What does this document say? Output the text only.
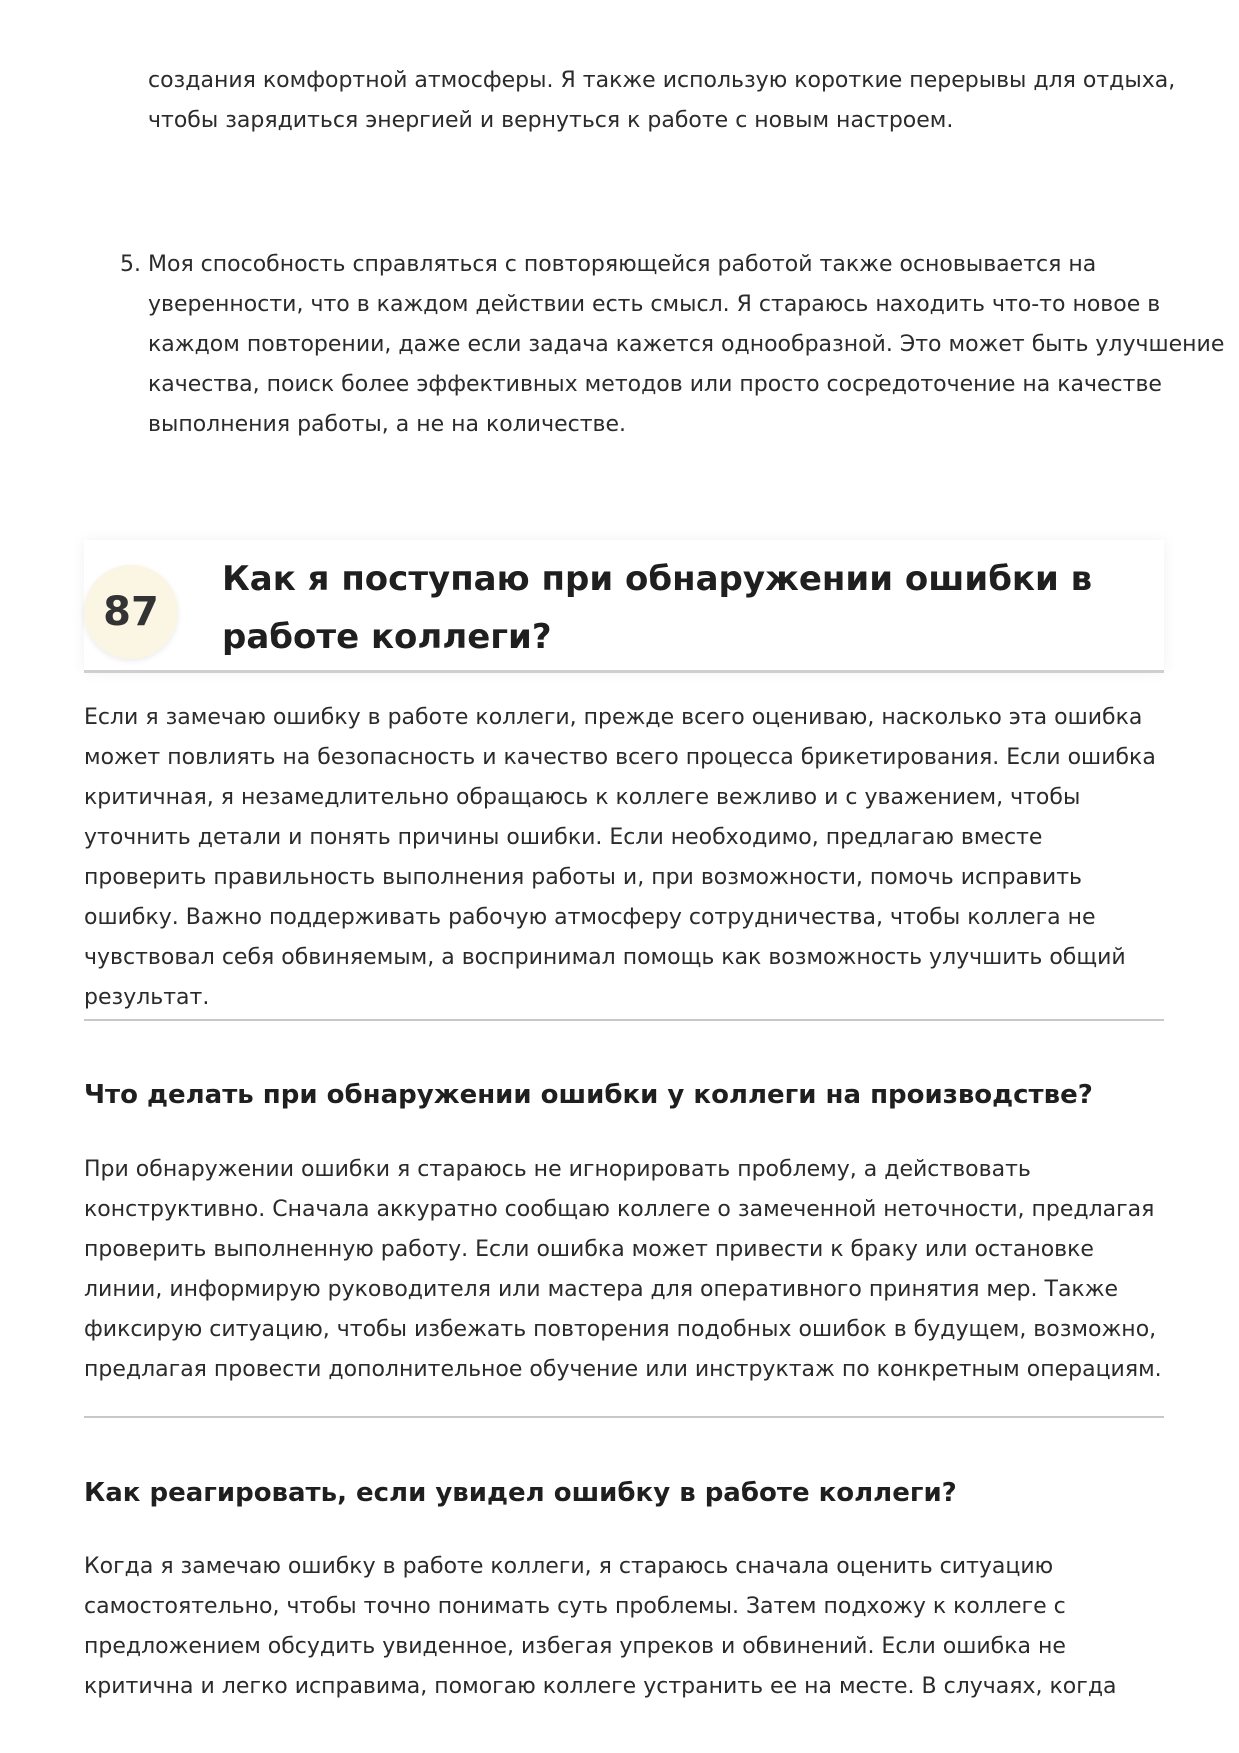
создания комфортной атмосферы. Я также использую короткие перерывы для отдыха, чтобы зарядиться энергией и вернуться к работе с новым настроем.
5. Моя способность справляться с повторяющейся работой также основывается на уверенности, что в каждом действии есть смысл. Я стараюсь находить что-то новое в каждом повторении, даже если задача кажется однообразной. Это может быть улучшение качества, поиск более эффективных методов или просто сосредоточение на качестве выполнения работы, а не на количестве.
87
Как я поступаю при обнаружении ошибки в работе коллеги?

Если я замечаю ошибку в работе коллеги, прежде всего оцениваю, насколько эта ошибка может повлиять на безопасность и качество всего процесса брикетирования. Если ошибка критичная, я незамедлительно обращаюсь к коллеге вежливо и с уважением, чтобы уточнить детали и понять причины ошибки. Если необходимо, предлагаю вместе проверить правильность выполнения работы и, при возможности, помочь исправить ошибку. Важно поддерживать рабочую атмосферу сотрудничества, чтобы коллега не чувствовал себя обвиняемым, а воспринимал помощь как возможность улучшить общий результат.

Что делать при обнаружении ошибки у коллеги на производстве?

При обнаружении ошибки я стараюсь не игнорировать проблему, а действовать конструктивно. Сначала аккуратно сообщаю коллеге о замеченной неточности, предлагая проверить выполненную работу. Если ошибка может привести к браку или остановке линии, информирую руководителя или мастера для оперативного принятия мер. Также фиксирую ситуацию, чтобы избежать повторения подобных ошибок в будущем, возможно, предлагая провести дополнительное обучение или инструктаж по конкретным операциям.

Как реагировать, если увидел ошибку в работе коллеги?

Когда я замечаю ошибку в работе коллеги, я стараюсь сначала оценить ситуацию самостоятельно, чтобы точно понимать суть проблемы. Затем подхожу к коллеге с предложением обсудить увиденное, избегая упреков и обвинений. Если ошибка не критична и легко исправима, помогаю коллеге устранить ее на месте. В случаях, когда
